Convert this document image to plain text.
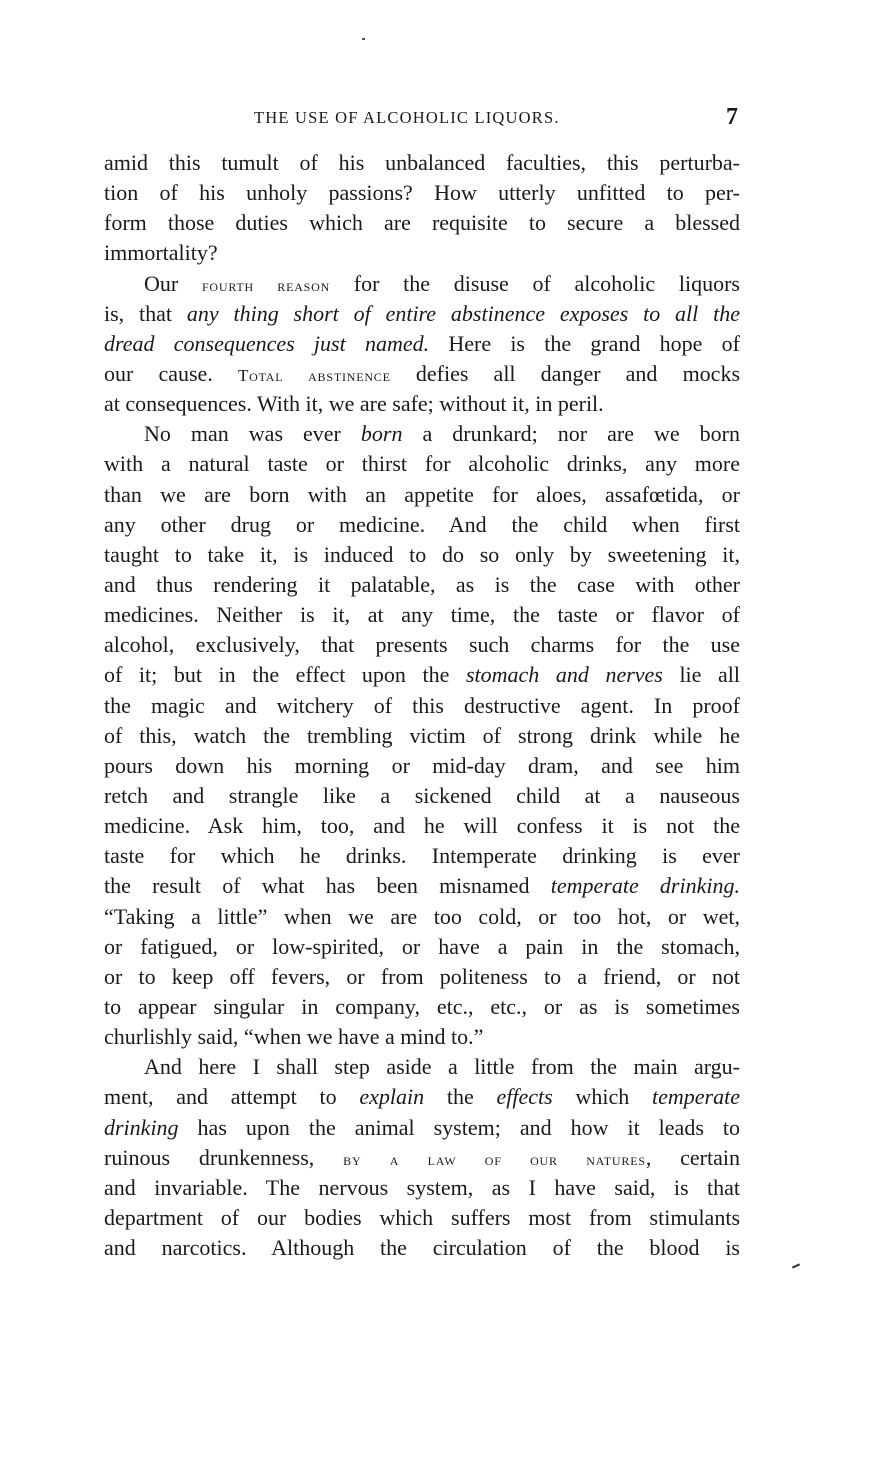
THE USE OF ALCOHOLIC LIQUORS.	7
amid this tumult of his unbalanced faculties, this perturba-
tion of his unholy passions? How utterly unfitted to per-
form those duties which are requisite to secure a blessed
immortality?
Our fourth reason for the disuse of alcoholic liquors
is, that any thing short of entire abstinence exposes to all the
dread consequences just named. Here is the grand hope of
our cause. Total abstinence defies all danger and mocks
at consequences. With it, we are safe; without it, in peril.
No man was ever born a drunkard; nor are we born
with a natural taste or thirst for alcoholic drinks, any more
than we are born with an appetite for aloes, assafœtida, or
any other drug or medicine. And the child when first
taught to take it, is induced to do so only by sweetening it,
and thus rendering it palatable, as is the case with other
medicines. Neither is it, at any time, the taste or flavor of
alcohol, exclusively, that presents such charms for the use
of it; but in the effect upon the stomach and nerves lie all
the magic and witchery of this destructive agent. In proof
of this, watch the trembling victim of strong drink while he
pours down his morning or mid-day dram, and see him
retch and strangle like a sickened child at a nauseous
medicine. Ask him, too, and he will confess it is not the
taste for which he drinks. Intemperate drinking is ever
the result of what has been misnamed temperate drinking.
“Taking a little” when we are too cold, or too hot, or wet,
or fatigued, or low-spirited, or have a pain in the stomach,
or to keep off fevers, or from politeness to a friend, or not
to appear singular in company, etc., etc., or as is sometimes
churlishly said, “when we have a mind to.”
And here I shall step aside a little from the main argu-
ment, and attempt to explain the effects which temperate
drinking has upon the animal system; and how it leads to
ruinous drunkenness, by a law of our natures, certain
and invariable. The nervous system, as I have said, is that
department of our bodies which suffers most from stimulants
and narcotics. Although the circulation of the blood is
